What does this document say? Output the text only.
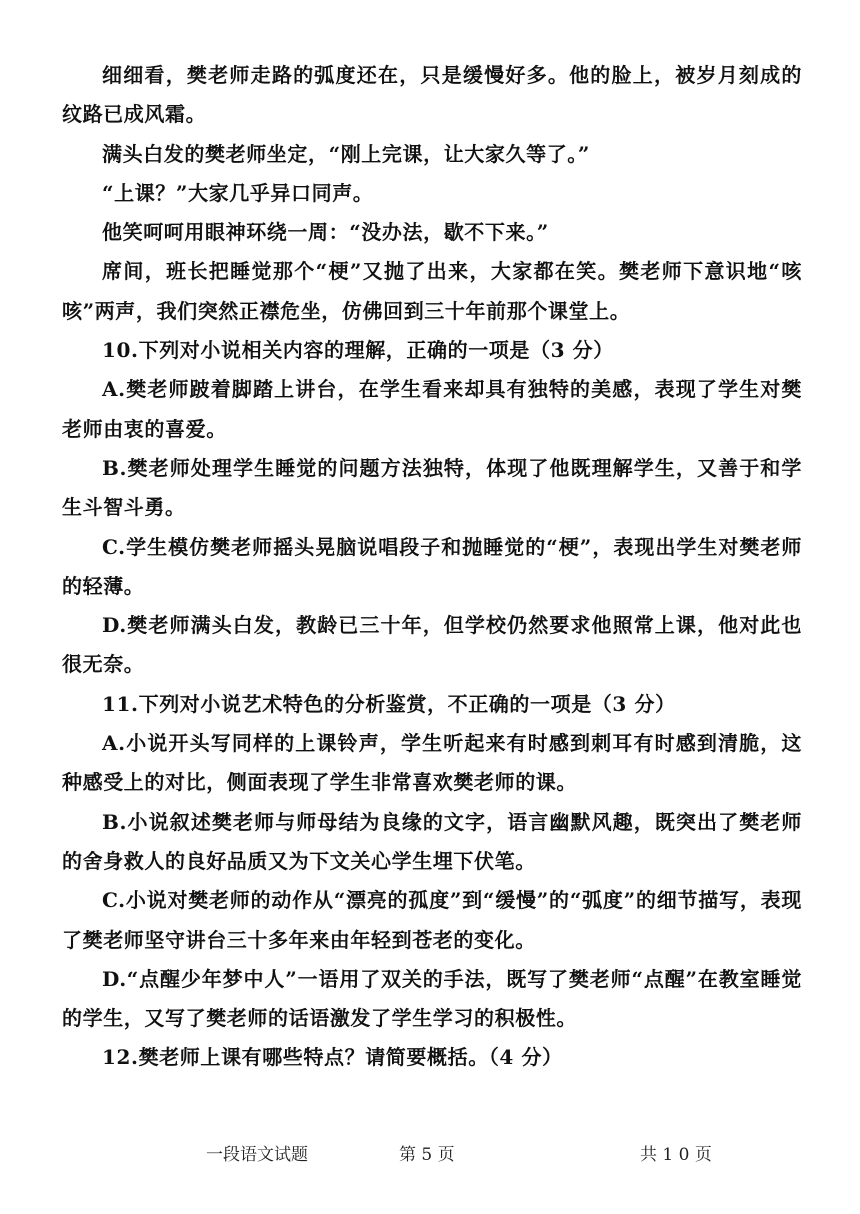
细细看，樊老师走路的弧度还在，只是缓慢好多。他的脸上，被岁月刻成的纹路已成风霜。

满头白发的樊老师坐定，“刚上完课，让大家久等了。”

“上课？”大家几乎异口同声。

他笑呵呵用眼神环绕一周：“没办法，歇不下来。”

席间，班长把睡觉那个“梗”又抛了出来，大家都在笑。樊老师下意识地“咳咳”两声，我们突然正襟危坐，仿佛回到三十年前那个课堂上。

10.下列对小说相关内容的理解，正确的一项是（3 分）

A.樊老师跛着脚踏上讲台，在学生看来却具有独特的美感，表现了学生对樊老师由衷的喜爱。

B.樊老师处理学生睡觉的问题方法独特，体现了他既理解学生，又善于和学生斗智斗勇。

C.学生模仿樊老师摇头晃脑说唱段子和抛睡觉的“梗”，表现出学生对樊老师的轻薄。

D.樊老师满头白发，教龄已三十年，但学校仍然要求他照常上课，他对此也很无奈。

11.下列对小说艺术特色的分析鉴赏，不正确的一项是（3 分）

A.小说开头写同样的上课铃声，学生听起来有时感到刺耳有时感到清脆，这种感受上的对比，侧面表现了学生非常喜欢樊老师的课。

B.小说叙述樊老师与师母结为良缘的文字，语言幽默风趣，既突出了樊老师的舍身救人的良好品质又为下文关心学生埋下伏笔。

C.小说对樊老师的动作从“漂亮的孤度”到“缓慢”的“弧度”的细节描写，表现了樊老师坚守讲台三十多年来由年轻到苍老的变化。

D.“点醒少年梦中人”一语用了双关的手法，既写了樊老师“点醒”在教室睡觉的学生，又写了樊老师的话语激发了学生学习的积极性。

12.樊老师上课有哪些特点？请简要概括。（4 分）

一段语文试题	第 5 页	共 1 0 页
